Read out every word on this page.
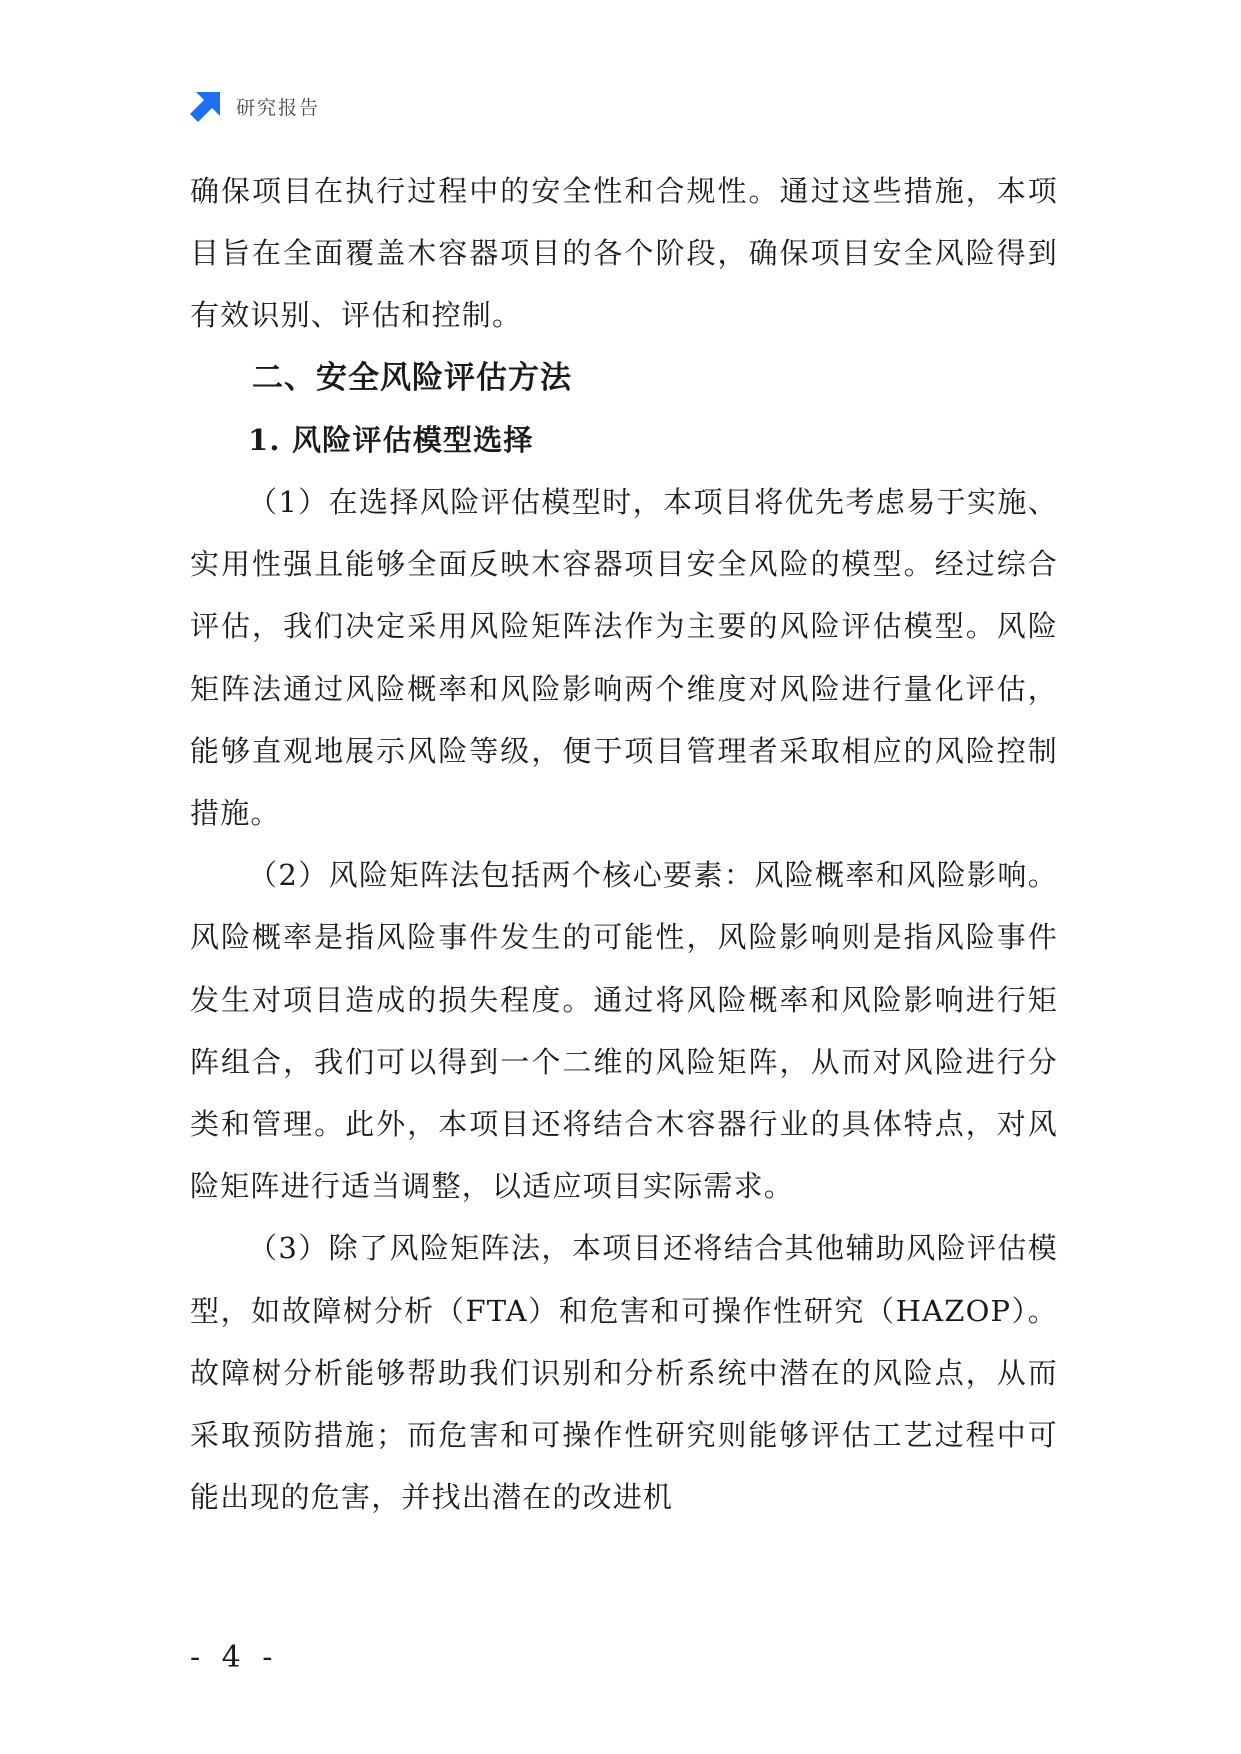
研究报告

确保项目在执行过程中的安全性和合规性。通过这些措施，本项目旨在全面覆盖木容器项目的各个阶段，确保项目安全风险得到有效识别、评估和控制。

二、安全风险评估方法
1. 风险评估模型选择

（1）在选择风险评估模型时，本项目将优先考虑易于实施、实用性强且能够全面反映木容器项目安全风险的模型。经过综合评估，我们决定采用风险矩阵法作为主要的风险评估模型。风险矩阵法通过风险概率和风险影响两个维度对风险进行量化评估，能够直观地展示风险等级，便于项目管理者采取相应的风险控制措施。

（2）风险矩阵法包括两个核心要素：风险概率和风险影响。风险概率是指风险事件发生的可能性，风险影响则是指风险事件发生对项目造成的损失程度。通过将风险概率和风险影响进行矩阵组合，我们可以得到一个二维的风险矩阵，从而对风险进行分类和管理。此外，本项目还将结合木容器行业的具体特点，对风险矩阵进行适当调整，以适应项目实际需求。

（3）除了风险矩阵法，本项目还将结合其他辅助风险评估模型，如故障树分析（FTA）和危害和可操作性研究（HAZOP）。故障树分析能够帮助我们识别和分析系统中潜在的风险点，从而采取预防措施；而危害和可操作性研究则能够评估工艺过程中可能出现的危害，并找出潜在的改进机

- 4 -
